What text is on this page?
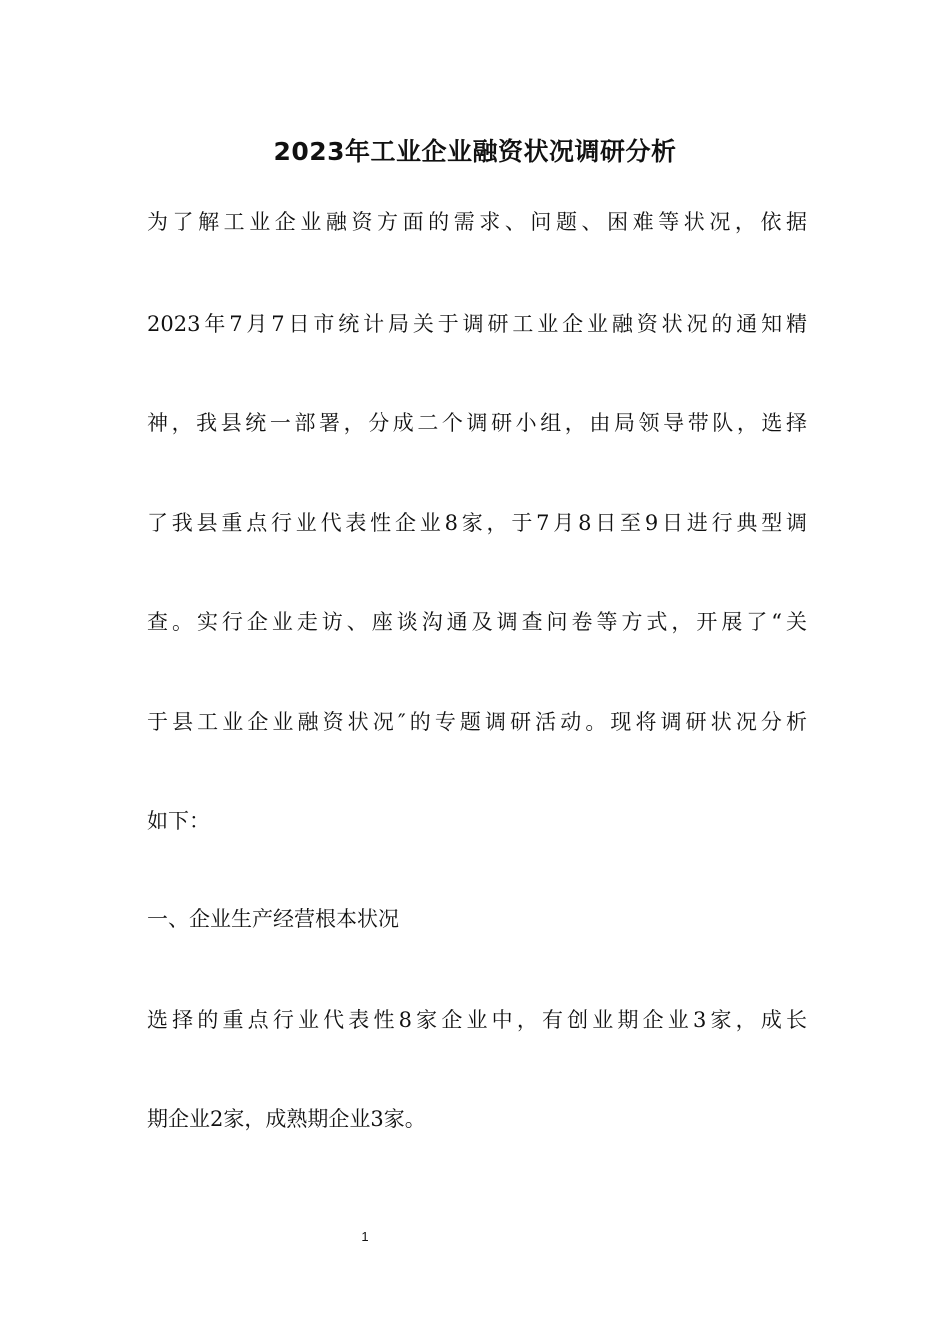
2023年工业企业融资状况调研分析
为了解工业企业融资方面的需求、问题、困难等状况，依据
2023年7月7日市统计局关于调研工业企业融资状况的通知精
神，我县统一部署，分成二个调研小组，由局领导带队，选择
了我县重点行业代表性企业8家，于7月8日至9日进行典型调
查。实行企业走访、座谈沟通及调查问卷等方式，开展了“关
于县工业企业融资状况″的专题调研活动。现将调研状况分析
如下：
一、企业生产经营根本状况
选择的重点行业代表性8家企业中，有创业期企业3家，成长
期企业2家，成熟期企业3家。
1
